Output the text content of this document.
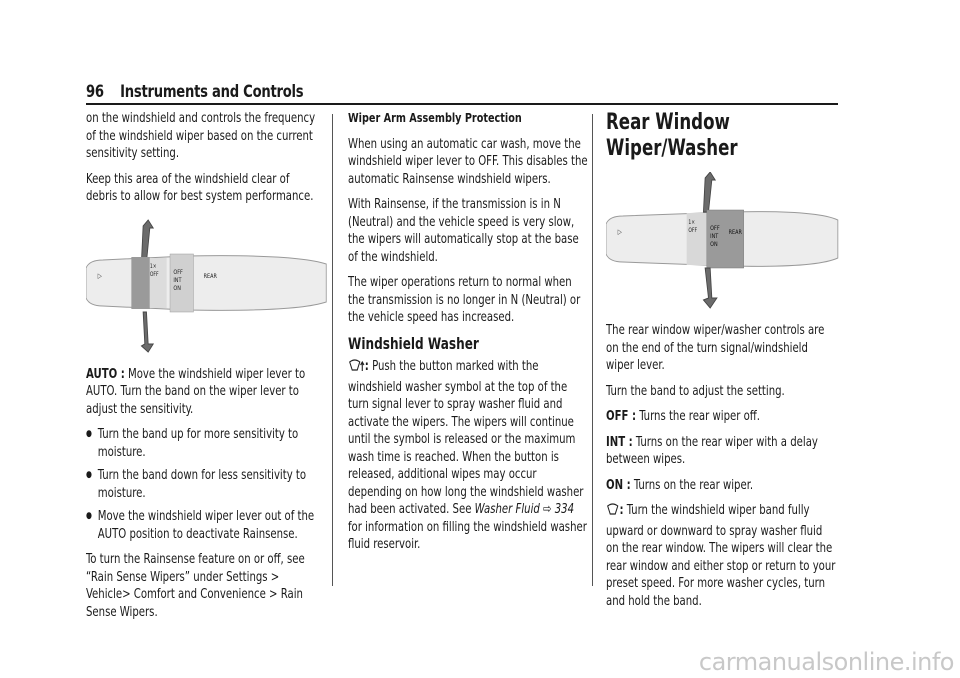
96 Instruments and Controls

on the windshield and controls the frequency of the windshield wiper based on the current sensitivity setting.

Keep this area of the windshield clear of debris to allow for best system performance.

▷
1×
OFF OFF
INT
ON
REAR

AUTO : Move the windshield wiper lever to AUTO. Turn the band on the wiper lever to adjust the sensitivity.

● Turn the band up for more sensitivity to moisture.
● Turn the band down for less sensitivity to moisture.
● Move the windshield wiper lever out of the AUTO position to deactivate Rainsense.

To turn the Rainsense feature on or off, see “Rain Sense Wipers” under Settings > Vehicle> Comfort and Convenience > Rain Sense Wipers.

Wiper Arm Assembly Protection

When using an automatic car wash, move the windshield wiper lever to OFF. This disables the automatic Rainsense windshield wipers.

With Rainsense, if the transmission is in N (Neutral) and the vehicle speed is very slow, the wipers will automatically stop at the base of the windshield.

The wiper operations return to normal when the transmission is no longer in N (Neutral) or the vehicle speed has increased.

Windshield Washer

: Push the button marked with the windshield washer symbol at the top of the turn signal lever to spray washer fluid and activate the wipers. The wipers will continue until the symbol is released or the maximum wash time is reached. When the button is released, additional wipes may occur depending on how long the windshield washer had been activated. See Washer Fluid ⇨ 334 for information on filling the windshield washer fluid reservoir.

Rear Window Wiper/Washer
▷
1×
OFF OFF
INT
ON
REAR

The rear window wiper/washer controls are on the end of the turn signal/windshield wiper lever.

Turn the band to adjust the setting.

OFF : Turns the rear wiper off.

INT : Turns on the rear wiper with a delay between wipes.

ON : Turns on the rear wiper.

: Turn the windshield wiper band fully upward or downward to spray washer fluid on the rear window. The wipers will clear the rear window and either stop or return to your preset speed. For more washer cycles, turn and hold the band.

carmanualsonline.info
